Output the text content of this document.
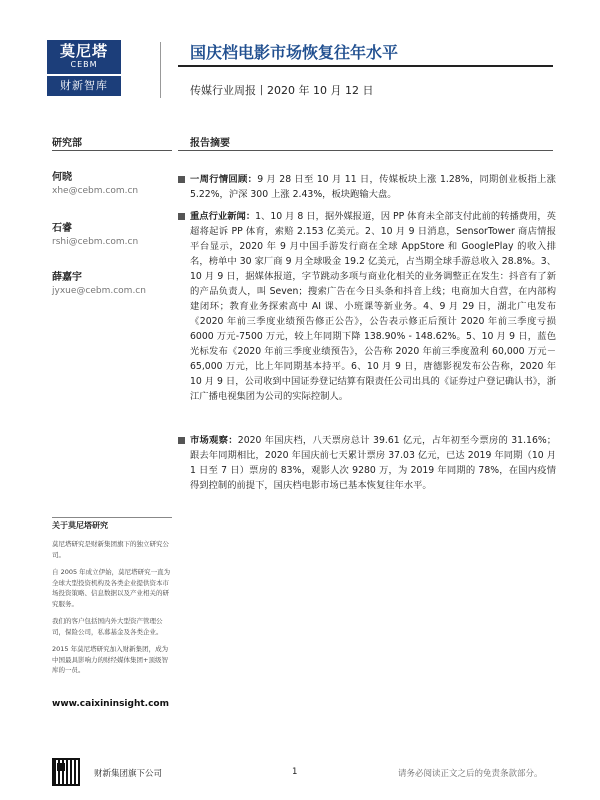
莫尼塔
CEBM
财新智库
国庆档电影市场恢复往年水平
传媒行业周报丨2020 年 10 月 12 日
研究部	报告摘要
何晓
xhe@cebm.com.cn
石睿
rshi@cebm.com.cn
薛嘉宇
jyxue@cebm.com.cn
关于莫尼塔研究
莫尼塔研究是财新集团旗下的独立研究公司。
自 2005 年成立伊始，莫尼塔研究一直为全球大型投资机构及各类企业提供资本市场投资策略、信息数据以及产业相关的研究服务。
我们的客户包括国内外大型资产管理公司，保险公司，私募基金及各类企业。
2015 年莫尼塔研究加入财新集团，成为中国最具影响力的财经媒体集团+顶级智库的一员。
www.caixininsight.com
一周行情回顾：9 月 28 日至 10 月 11 日，传媒板块上涨 1.28%，同期创业板指上涨 5.22%，沪深 300 上涨 2.43%，板块跑输大盘。
重点行业新闻：1、10 月 8 日，据外媒报道，因 PP 体育未全部支付此前的转播费用，英超将起诉 PP 体育，索赔 2.153 亿美元。2、10 月 9 日消息，SensorTower 商店情报平台显示，2020 年 9 月中国手游发行商在全球 AppStore 和 GooglePlay 的收入排名，榜单中 30 家厂商 9 月全球吸金 19.2 亿美元，占当期全球手游总收入 28.8%。3、10 月 9 日，据媒体报道，字节跳动多项与商业化相关的业务调整正在发生：抖音有了新的产品负责人，叫 Seven；搜索广告在今日头条和抖音上线；电商加大自营，在内部构建闭环；教育业务探索高中 AI 课、小班课等新业务。4、9 月 29 日，湖北广电发布《2020 年前三季度业绩预告修正公告》，公告表示修正后预计 2020 年前三季度亏损 6000 万元-7500 万元，较上年同期下降 138.90% - 148.62%。5、10 月 9 日，蓝色光标发布《2020 年前三季度业绩预告》，公告称 2020 年前三季度盈利 60,000 万元－65,000 万元，比上年同期基本持平。6、10 月 9 日，唐德影视发布公告称，2020 年 10 月 9 日，公司收到中国证券登记结算有限责任公司出具的《证券过户登记确认书》，浙江广播电视集团为公司的实际控制人。
市场观察：2020 年国庆档，八天票房总计 39.61 亿元，占年初至今票房的 31.16%；跟去年同期相比，2020 年国庆前七天累计票房 37.03 亿元，已达 2019 年同期（10 月 1 日至 7 日）票房的 83%，观影人次 9280 万，为 2019 年同期的 78%，在国内疫情得到控制的前提下，国庆档电影市场已基本恢复往年水平。
财新集团旗下公司	1	请务必阅读正文之后的免责条款部分。
